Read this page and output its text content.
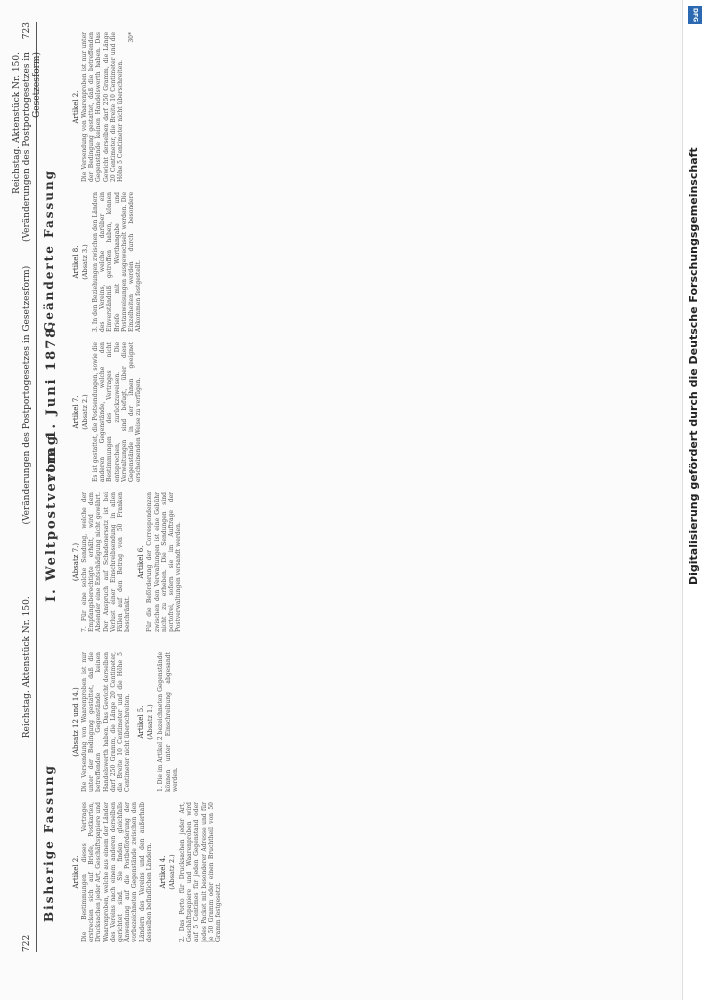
722
Reichstag. Aktenstück Nr. 150.
(Veränderungen des Postportogesetzes in Gesetzesform)
Reichstag. Aktenstück Nr. 150. (Veränderungen des Postportogesetzes in Gesetzesform)
723
Bisherige Fassung
Geänderte Fassung
I. Weltpostvertrag
vom 1. Juni 1878.
Artikel 2. Die Bestimmungen dieses Vertrages erstrecken sich auf Briefe, Postkarten, Drucksachen jeder Art, Geschäftspapiere und Waarenproben, welche aus einem der Länder des Vereins nach einem anderen derselben gerichtet sind. Sie finden gleichfalls Anwendung auf die Postbeförderung der vorbezeichneten Gegenstände zwischen den Ländern des Vereins und den außerhalb desselben befindlichen Ländern. Artikel 4. (Absatz 2.) 2. Das Porto für Drucksachen jeder Art, Geschäftspapiere und Waarenproben wird auf 5 Centimes für jeden Gegenstand oder jedes Packet mit besonderer Adresse und für je 50 Gramm oder einen Bruchtheil von 50 Gramm festgesetzt.
(Absatz 12 und 14.) Die Versendung von Waarenproben ist nur unter der Bedingung gestattet, daß die betreffenden Gegenstände keinen Handelswerth haben. Das Gewicht derselben darf 250 Gramm, die Länge 20 Centimeter, die Breite 10 Centimeter und die Höhe 5 Centimeter nicht überschreiten. Artikel 5. (Absatz 1.) 1. Die im Artikel 2 bezeichneten Gegenstände können unter Einschreibung abgesandt werden.
(Absatz 7.) 7. Für eine solche Sendung, welche der Empfangsberechtigte erhält, wird dem Absender eine Entschädigung nicht gewährt. Der Anspruch auf Schadenersatz ist bei Verlust einer Einschreibsendung in allen Fällen auf den Betrag von 50 Franken beschränkt.
Artikel 6. Für die Beförderung der Correspondenzen zwischen den Verwaltungen ist eine Gebühr nicht zu erheben. Die Sendungen sind portofrei, sofern sie im Auftrage der Postverwaltungen versandt werden.
Artikel 7. (Absatz 2.) Es ist gestattet, die Postsendungen, sowie die anderen Gegenstände, welche den Bestimmungen des Vertrages nicht entsprechen, zurückzuweisen. Die Verwaltungen sind befugt, über diese Gegenstände in der ihnen geeignet erscheinenden Weise zu verfügen.
Artikel 8. (Absatz 3.) 3. In den Beziehungen zwischen den Ländern des Vereins, welche darüber ein Einverständniß getroffen haben, können Briefe mit Werthangabe und Postanweisungen ausgewechselt werden. Die Einzelheiten werden durch besondere Abkommen festgestellt.
Artikel 2. Die Versendung von Waarenproben ist nur unter der Bedingung gestattet, daß die betreffenden Gegenstände keinen Handelswerth haben. Das Gewicht derselben darf 250 Gramm, die Länge 20 Centimeter, die Breite 10 Centimeter und die Höhe 5 Centimeter nicht überschreiten.
30*
Digitalisierung gefördert durch die Deutsche Forschungsgemeinschaft
DFG
